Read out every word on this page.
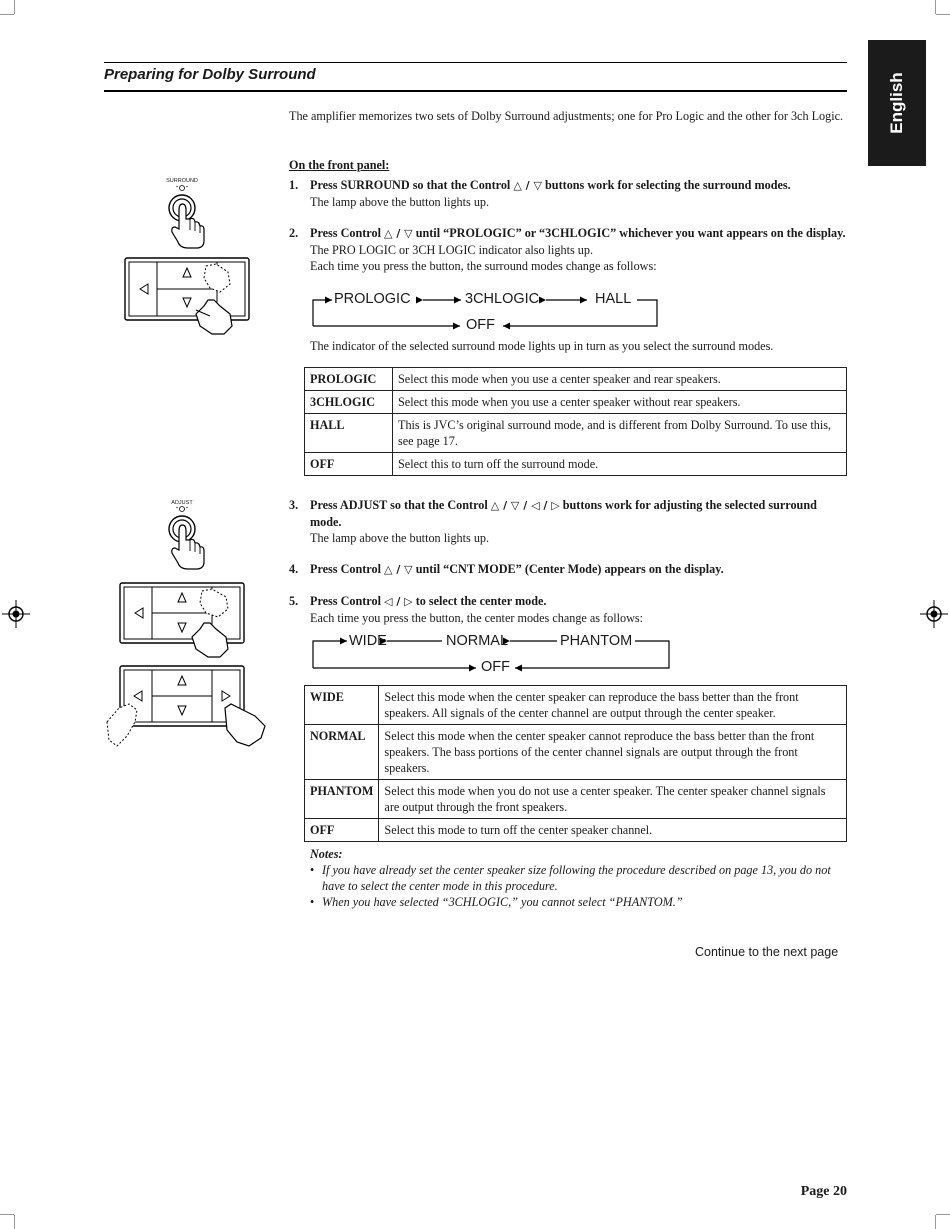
Preparing for Dolby Surround	English
The amplifier memorizes two sets of Dolby Surround adjustments; one for Pro Logic and the other for 3ch Logic.
On the front panel:
1. Press SURROUND so that the Control △ / ▽ buttons work for selecting the surround modes.
The lamp above the button lights up.
2. Press Control △ / ▽ until “PROLOGIC” or “3CHLOGIC” whichever you want appears on the display.
The PRO LOGIC or 3CH LOGIC indicator also lights up.
Each time you press the button, the surround modes change as follows:
PROLOGIC	3CHLOGIC	HALL
OFF
The indicator of the selected surround mode lights up in turn as you select the surround modes.
PROLOGIC	Select this mode when you use a center speaker and rear speakers.
3CHLOGIC	Select this mode when you use a center speaker without rear speakers.
HALL	This is JVC’s original surround mode, and is different from Dolby Surround. To use this, see page 17.
OFF	Select this to turn off the surround mode.
3. Press ADJUST so that the Control △ / ▽ / ◁ / ▷ buttons work for adjusting the selected surround mode.
The lamp above the button lights up.
4. Press Control △ / ▽ until “CNT MODE” (Center Mode) appears on the display.
5. Press Control ◁ / ▷ to select the center mode.
Each time you press the button, the center modes change as follows:
WIDE	NORMAL	PHANTOM
OFF
WIDE	Select this mode when the center speaker can reproduce the bass better than the front speakers. All signals of the center channel are output through the center speaker.
NORMAL	Select this mode when the center speaker cannot reproduce the bass better than the front speakers. The bass portions of the center channel signals are output through the front speakers.
PHANTOM	Select this mode when you do not use a center speaker. The center speaker channel signals are output through the front speakers.
OFF	Select this mode to turn off the center speaker channel.
Notes:
• If you have already set the center speaker size following the procedure described on page 13, you do not have to select the center mode in this procedure.
• When you have selected “3CHLOGIC,” you cannot select “PHANTOM.”
Continue to the next page
Page 20
SURROUND
ADJUST
